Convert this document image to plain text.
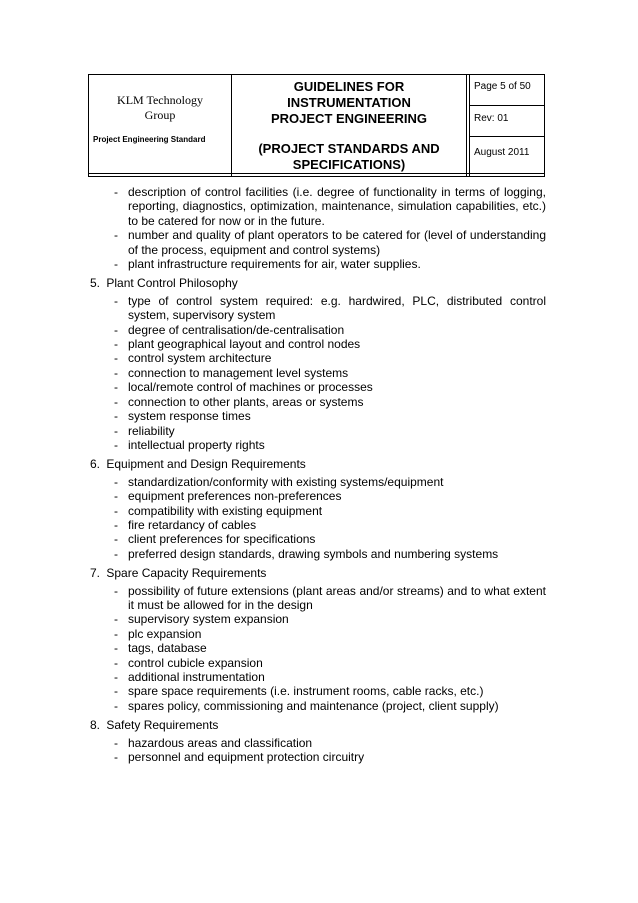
KLM Technology
Group
Project Engineering Standard
GUIDELINES FOR
INSTRUMENTATION
PROJECT ENGINEERING
(PROJECT STANDARDS AND
SPECIFICATIONS)
Page 5 of 50
Rev: 01
August 2011
- description of control facilities (i.e. degree of functionality in terms of logging, reporting, diagnostics, optimization, maintenance, simulation capabilities, etc.) to be catered for now or in the future.
- number and quality of plant operators to be catered for (level of understanding of the process, equipment and control systems)
- plant infrastructure requirements for air, water supplies.
5. Plant Control Philosophy
- type of control system required: e.g. hardwired, PLC, distributed control system, supervisory system
- degree of centralisation/de-centralisation
- plant geographical layout and control nodes
- control system architecture
- connection to management level systems
- local/remote control of machines or processes
- connection to other plants, areas or systems
- system response times
- reliability
- intellectual property rights
6. Equipment and Design Requirements
- standardization/conformity with existing systems/equipment
- equipment preferences non-preferences
- compatibility with existing equipment
- fire retardancy of cables
- client preferences for specifications
- preferred design standards, drawing symbols and numbering systems
7. Spare Capacity Requirements
- possibility of future extensions (plant areas and/or streams) and to what extent it must be allowed for in the design
- supervisory system expansion
- plc expansion
- tags, database
- control cubicle expansion
- additional instrumentation
- spare space requirements (i.e. instrument rooms, cable racks, etc.)
- spares policy, commissioning and maintenance (project, client supply)
8. Safety Requirements
- hazardous areas and classification
- personnel and equipment protection circuitry
